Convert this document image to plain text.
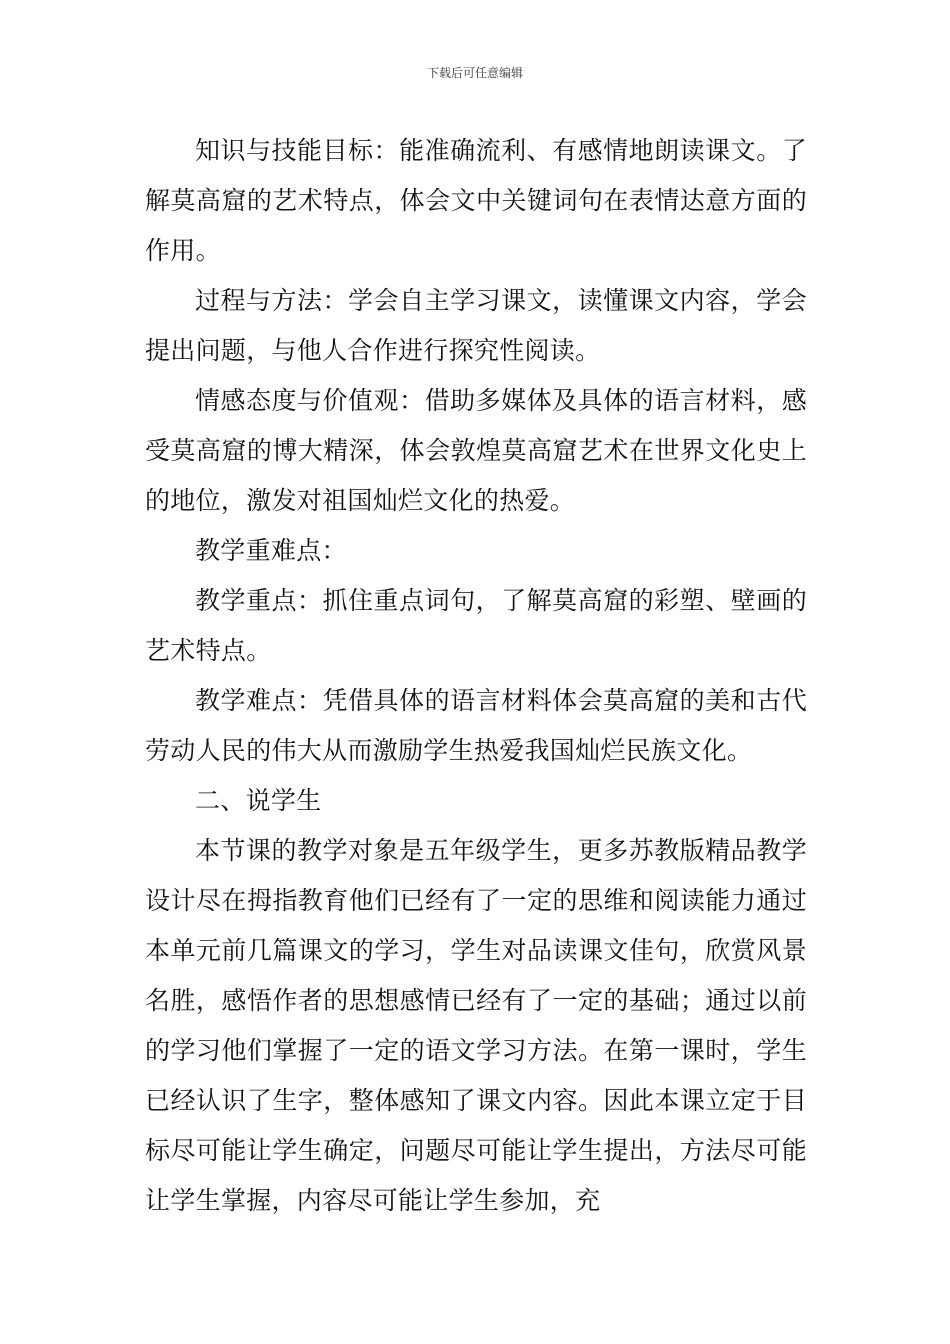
下载后可任意编辑

知识与技能目标：能准确流利、有感情地朗读课文。了解莫高窟的艺术特点，体会文中关键词句在表情达意方面的作用。

过程与方法：学会自主学习课文，读懂课文内容，学会提出问题，与他人合作进行探究性阅读。

情感态度与价值观：借助多媒体及具体的语言材料，感受莫高窟的博大精深，体会敦煌莫高窟艺术在世界文化史上的地位，激发对祖国灿烂文化的热爱。

教学重难点：

教学重点：抓住重点词句，了解莫高窟的彩塑、壁画的艺术特点。

教学难点：凭借具体的语言材料体会莫高窟的美和古代劳动人民的伟大从而激励学生热爱我国灿烂民族文化。

二、说学生

本节课的教学对象是五年级学生，更多苏教版精品教学设计尽在拇指教育他们已经有了一定的思维和阅读能力通过本单元前几篇课文的学习，学生对品读课文佳句，欣赏风景名胜，感悟作者的思想感情已经有了一定的基础；通过以前的学习他们掌握了一定的语文学习方法。在第一课时，学生已经认识了生字，整体感知了课文内容。因此本课立定于目标尽可能让学生确定，问题尽可能让学生提出，方法尽可能让学生掌握，内容尽可能让学生参加，充
